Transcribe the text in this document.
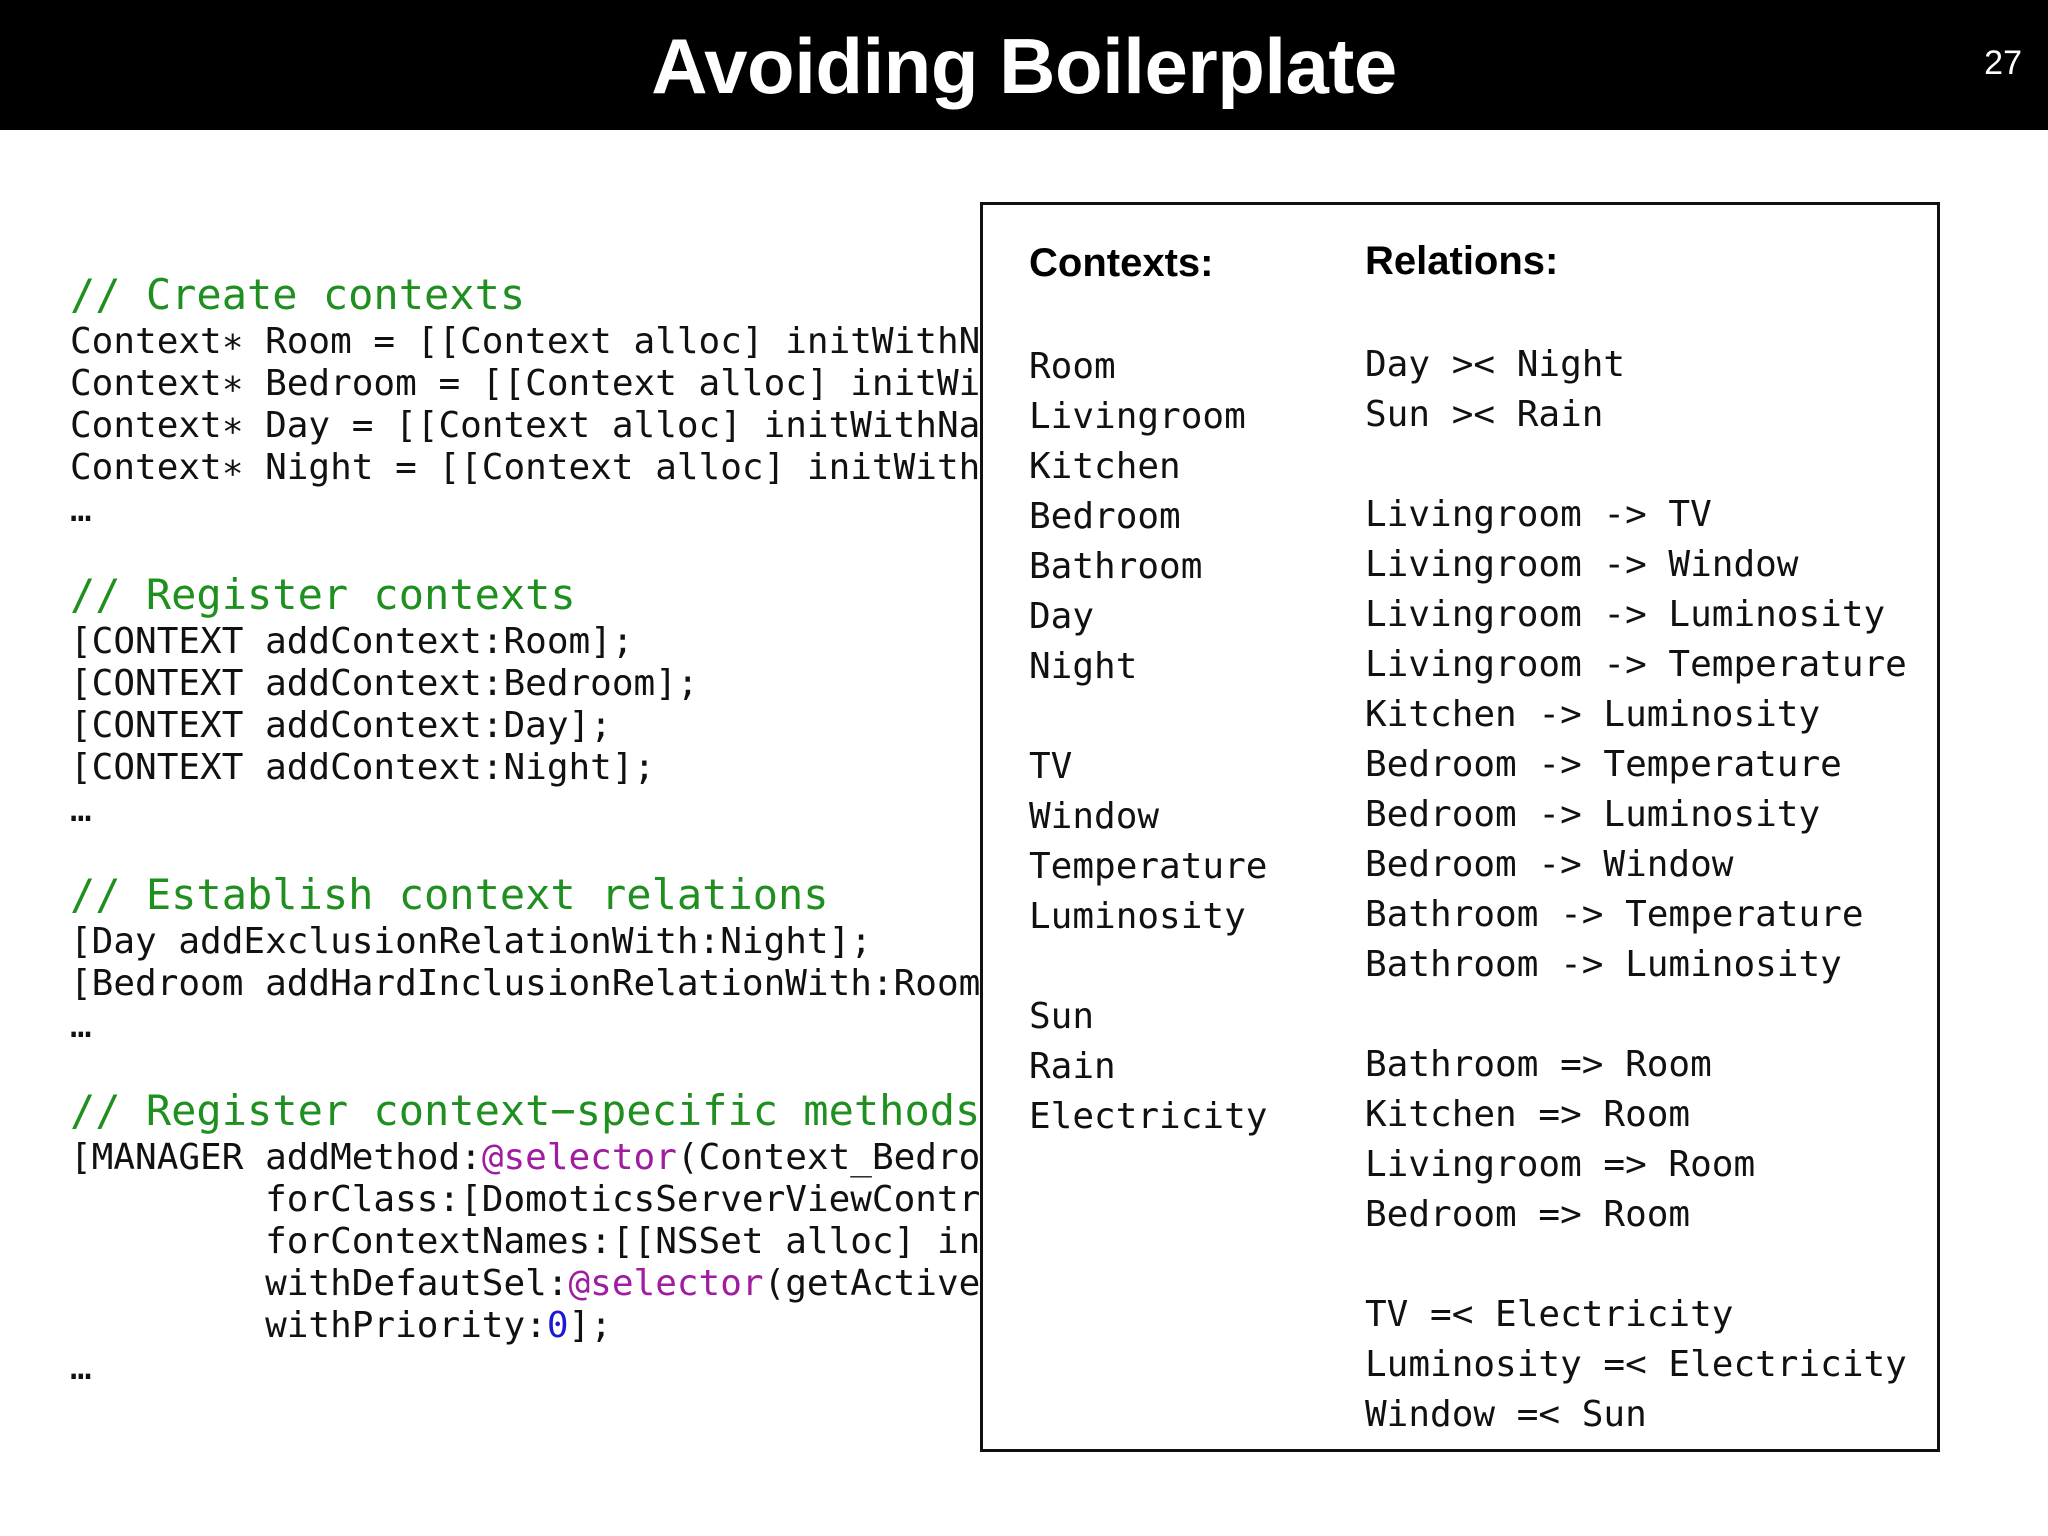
Avoiding Boilerplate	27

// Create contexts

Context∗ Room = [[Context alloc] initWithN

Context∗ Bedroom = [[Context alloc] initWi

Context∗ Day = [[Context alloc] initWithNa

Context∗ Night = [[Context alloc] initWith

…

// Register contexts

[CONTEXT addContext:Room];

[CONTEXT addContext:Bedroom];

[CONTEXT addContext:Day];

[CONTEXT addContext:Night];

…

// Establish context relations

[Day addExclusionRelationWith:Night];

[Bedroom addHardInclusionRelationWith:Room

…

// Register context−specific methods

[MANAGER addMethod:@selector(Context_Bedro

forClass:[DomoticsServerViewContr

forContextNames:[[NSSet alloc] in

withDefautSel:@selector(getActive

withPriority:0];

…

Contexts:	Relations:
Room
Livingroom
Kitchen
Bedroom
Bathroom
Day
Night
TV
Window
Temperature
Luminosity
Sun
Rain
Electricity
Day >< Night
Sun >< Rain
Livingroom -> TV
Livingroom -> Window
Livingroom -> Luminosity
Livingroom -> Temperature
Kitchen -> Luminosity
Bedroom -> Temperature
Bedroom -> Luminosity
Bedroom -> Window
Bathroom -> Temperature
Bathroom -> Luminosity
Bathroom => Room
Kitchen => Room
Livingroom => Room
Bedroom => Room
TV =< Electricity
Luminosity =< Electricity
Window =< Sun
